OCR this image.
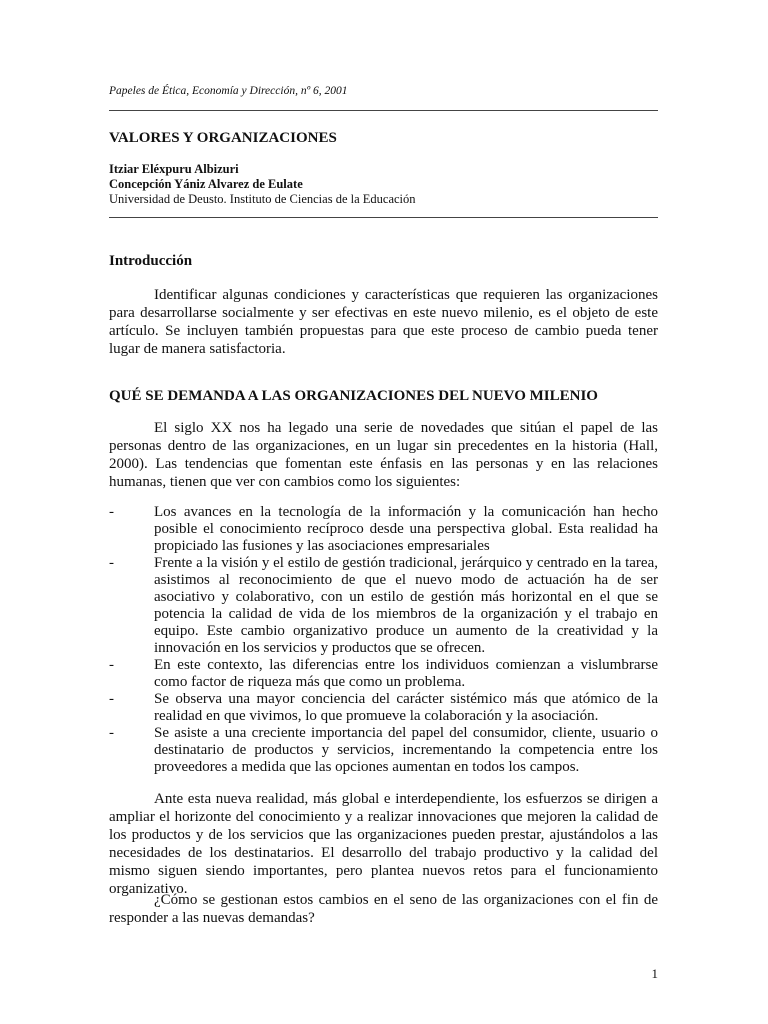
Papeles de Ética, Economía y Dirección, nº 6, 2001
VALORES Y ORGANIZACIONES
Itziar Eléxpuru Albizuri
Concepción Yániz Alvarez de Eulate
Universidad de Deusto. Instituto de Ciencias de la Educación
Introducción

Identificar algunas condiciones y características que requieren las organizaciones para desarrollarse socialmente y ser efectivas en este nuevo milenio, es el objeto de este artículo. Se incluyen también propuestas para que este proceso de cambio pueda tener lugar de manera satisfactoria.

QUÉ SE DEMANDA A LAS ORGANIZACIONES DEL NUEVO MILENIO

El siglo XX nos ha legado una serie de novedades que sitúan el papel de las personas dentro de las organizaciones, en un lugar sin precedentes en la historia (Hall, 2000). Las tendencias que fomentan este énfasis en las personas y en las relaciones humanas, tienen que ver con cambios como los siguientes:

-	Los avances en la tecnología de la información y la comunicación han hecho posible el conocimiento recíproco desde una perspectiva global. Esta realidad ha propiciado las fusiones y las asociaciones empresariales
-	Frente a la visión y el estilo de gestión tradicional, jerárquico y centrado en la tarea, asistimos al reconocimiento de que el nuevo modo de actuación ha de ser asociativo y colaborativo, con un estilo de gestión más horizontal en el que se potencia la calidad de vida de los miembros de la organización y el trabajo en equipo. Este cambio organizativo produce un aumento de la creatividad y la innovación en los servicios y productos que se ofrecen.
-	En este contexto, las diferencias entre los individuos comienzan a vislumbrarse como factor de riqueza más que como un problema.
-	Se observa una mayor conciencia del carácter sistémico más que atómico de la realidad en que vivimos, lo que promueve la colaboración y la asociación.
-	Se asiste a una creciente importancia del papel del consumidor, cliente, usuario o destinatario de productos y servicios, incrementando la competencia entre los proveedores a medida que las opciones aumentan en todos los campos.

Ante esta nueva realidad, más global e interdependiente, los esfuerzos se dirigen a ampliar el horizonte del conocimiento y a realizar innovaciones que mejoren la calidad de los productos y de los servicios que las organizaciones pueden prestar, ajustándolos a las necesidades de los destinatarios. El desarrollo del trabajo productivo y la calidad del mismo siguen siendo importantes, pero plantea nuevos retos para el funcionamiento organizativo.

¿Cómo se gestionan estos cambios en el seno de las organizaciones con el fin de responder a las nuevas demandas?

1
